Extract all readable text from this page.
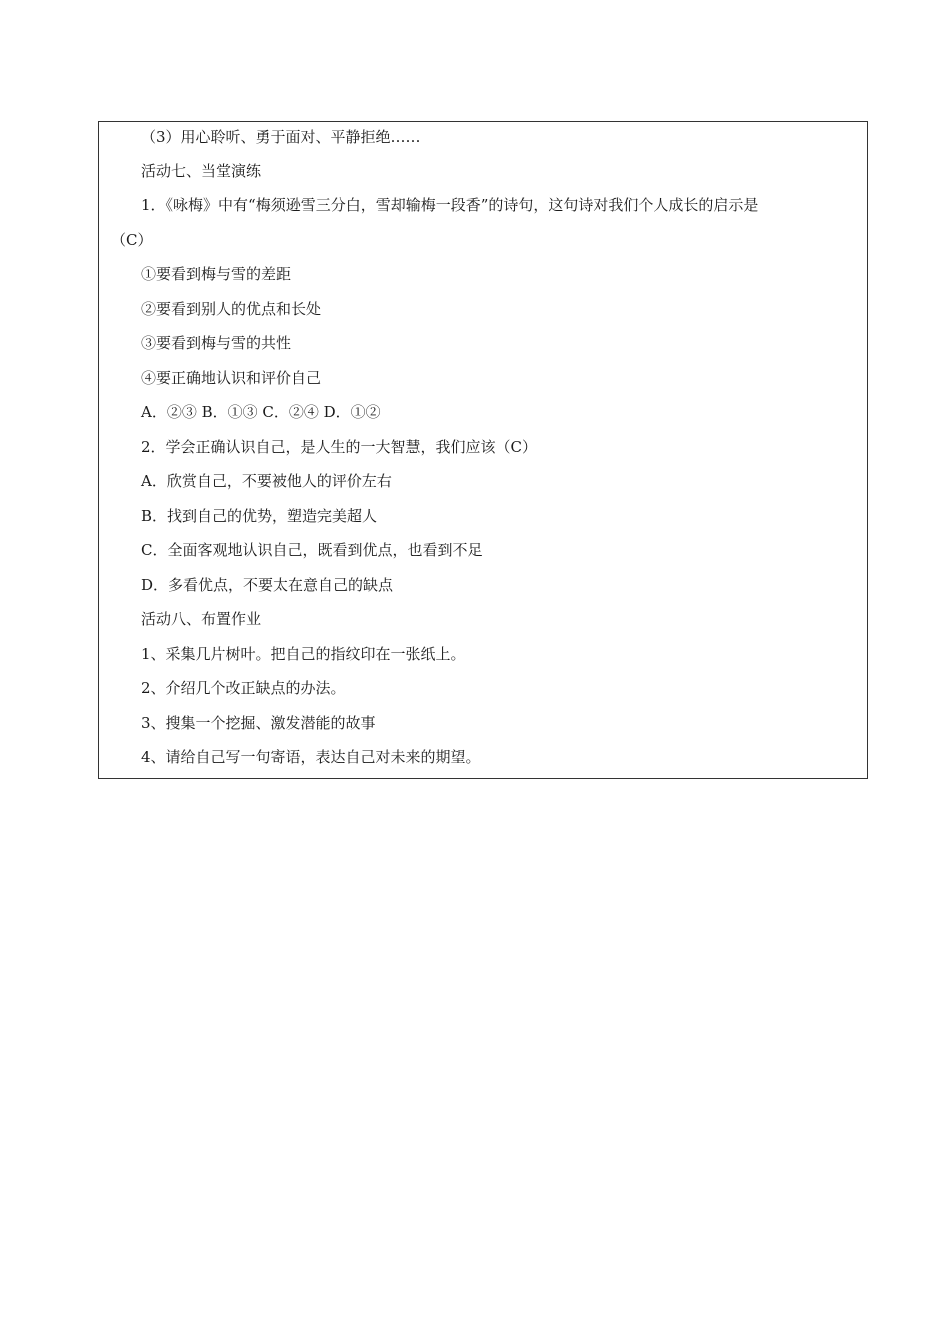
（3）用心聆听、勇于面对、平静拒绝……
活动七、当堂演练
1．《咏梅》中有“梅须逊雪三分白，雪却输梅一段香”的诗句，这句诗对我们个人成长的启示是
（C）
①要看到梅与雪的差距
②要看到别人的优点和长处
③要看到梅与雪的共性
④要正确地认识和评价自己
A．②③ B．①③ C．②④ D．①②
2．学会正确认识自己，是人生的一大智慧，我们应该（C）
A．欣赏自己，不要被他人的评价左右
B．找到自己的优势，塑造完美超人
C．全面客观地认识自己，既看到优点，也看到不足
D．多看优点，不要太在意自己的缺点
活动八、布置作业
1、采集几片树叶。把自己的指纹印在一张纸上。
2、介绍几个改正缺点的办法。
3、搜集一个挖掘、激发潜能的故事
4、请给自己写一句寄语，表达自己对未来的期望。
